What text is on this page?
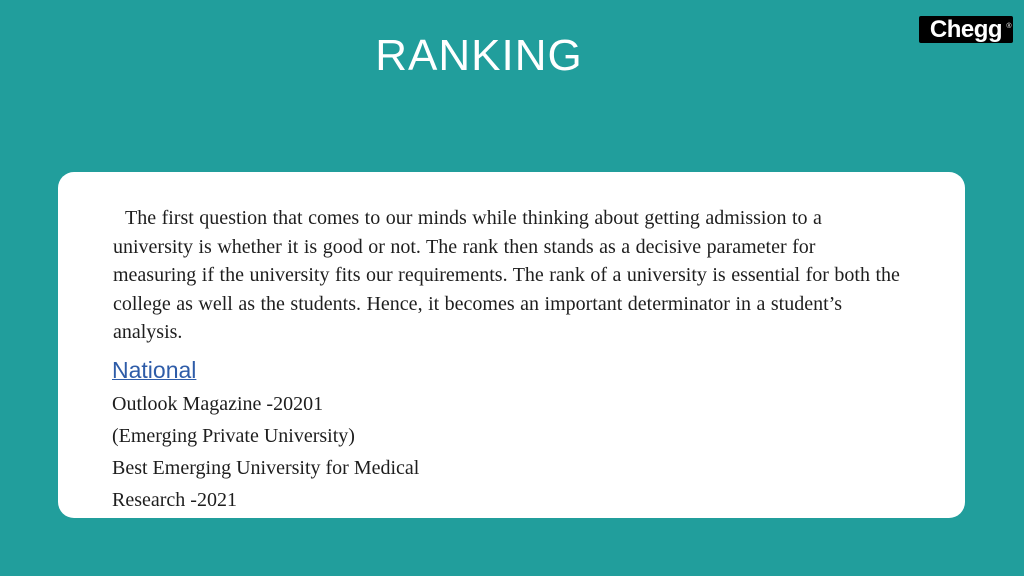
RANKING
Chegg ®

The first question that comes to our minds while thinking about getting admission to a university is whether it is good or not. The rank then stands as a decisive parameter for measuring if the university fits our requirements. The rank of a university is essential for both the college as well as the students. Hence, it becomes an important determinator in a student’s analysis.

National
Outlook Magazine -20201
(Emerging Private University)
Best Emerging University for Medical
Research -2021
